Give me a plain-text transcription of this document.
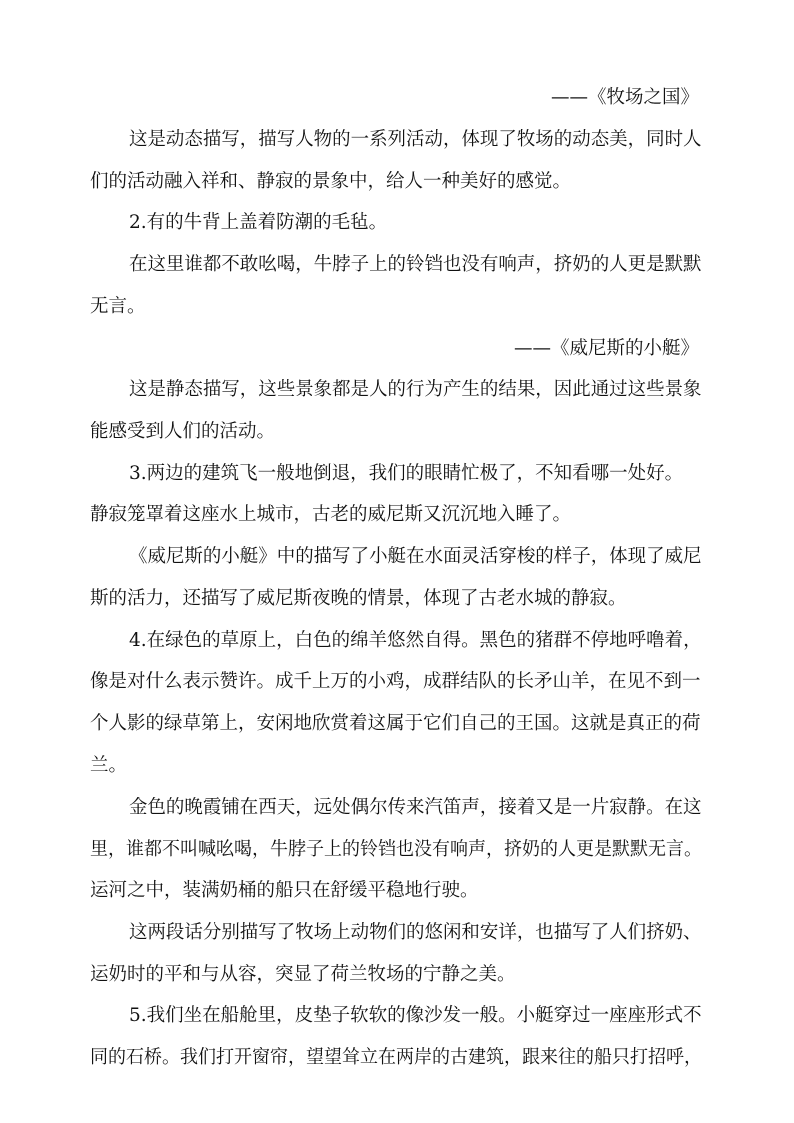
——《牧场之国》
这是动态描写，描写人物的一系列活动，体现了牧场的动态美，同时人
们的活动融入祥和、静寂的景象中，给人一种美好的感觉。
2.有的牛背上盖着防潮的毛毡。
在这里谁都不敢吆喝，牛脖子上的铃铛也没有响声，挤奶的人更是默默
无言。
——《威尼斯的小艇》
这是静态描写，这些景象都是人的行为产生的结果，因此通过这些景象
能感受到人们的活动。
3.两边的建筑飞一般地倒退，我们的眼睛忙极了，不知看哪一处好。
静寂笼罩着这座水上城市，古老的威尼斯又沉沉地入睡了。
《威尼斯的小艇》中的描写了小艇在水面灵活穿梭的样子，体现了威尼
斯的活力，还描写了威尼斯夜晚的情景，体现了古老水城的静寂。
4.在绿色的草原上，白色的绵羊悠然自得。黑色的猪群不停地呼噜着，
像是对什么表示赞许。成千上万的小鸡，成群结队的长矛山羊，在见不到一
个人影的绿草第上，安闲地欣赏着这属于它们自己的王国。这就是真正的荷
兰。
金色的晚霞铺在西天，远处偶尔传来汽笛声，接着又是一片寂静。在这
里，谁都不叫喊吆喝，牛脖子上的铃铛也没有响声，挤奶的人更是默默无言。
运河之中，装满奶桶的船只在舒缓平稳地行驶。
这两段话分别描写了牧场上动物们的悠闲和安详，也描写了人们挤奶、
运奶时的平和与从容，突显了荷兰牧场的宁静之美。
5.我们坐在船舱里，皮垫子软软的像沙发一般。小艇穿过一座座形式不
同的石桥。我们打开窗帘，望望耸立在两岸的古建筑，跟来往的船只打招呼，
